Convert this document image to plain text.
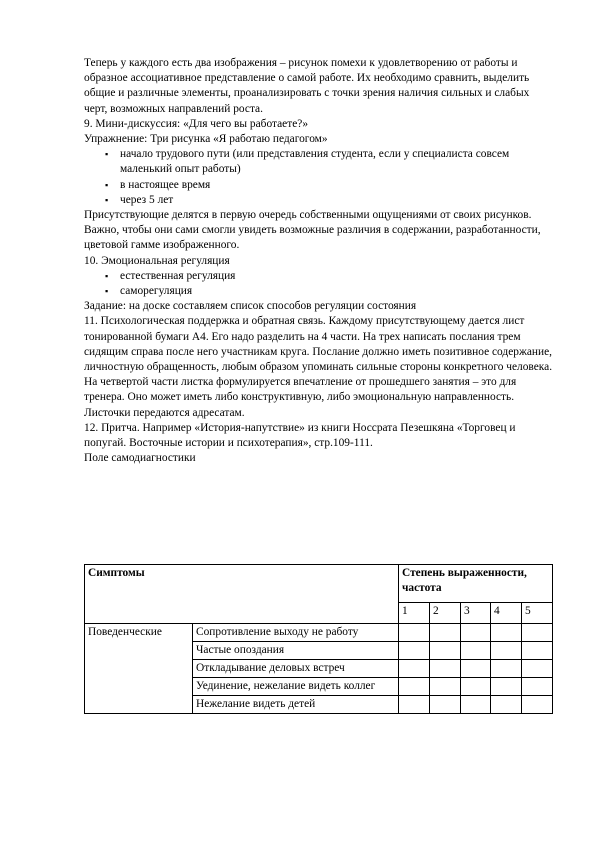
Теперь у каждого есть два изображения – рисунок помехи к удовлетворению от работы и образное ассоциативное представление о самой работе. Их необходимо сравнить, выделить общие и различные элементы, проанализировать с точки зрения наличия сильных и слабых черт, возможных направлений роста.

9. Мини-дискуссия: «Для чего вы работаете?»

Упражнение: Три рисунка «Я работаю педагогом»

▪ начало трудового пути (или представления студента, если у специалиста совсем маленький опыт работы)
▪ в настоящее время
▪ через 5 лет

Присутствующие делятся в первую очередь собственными ощущениями от своих рисунков. Важно, чтобы они сами смогли увидеть возможные различия в содержании, разработанности, цветовой гамме изображенного.

10. Эмоциональная регуляция

▪ естественная регуляция
▪ саморегуляция

Задание: на доске составляем список способов регуляции состояния

11. Психологическая поддержка и обратная связь. Каждому присутствующему дается лист тонированной бумаги А4. Его надо разделить на 4 части. На трех написать послания трем сидящим справа после него участникам круга. Послание должно иметь позитивное содержание, личностную обращенность, любым образом упоминать сильные стороны конкретного человека. На четвертой части листка формулируется впечатление от прошедшего занятия – это для тренера. Оно может иметь либо конструктивную, либо эмоциональную направленность. Листочки передаются адресатам.

12. Притча. Например «История-напутствие» из книги Носсрата Пезешкяна «Торговец и попугай. Восточные истории и психотерапия», стр.109-111.

Поле самодиагностики

Симптомы		Степень выраженности, частота				
		1	2	3	4	5
Поведенческие	Сопротивление выходу не работу					
	Частые опоздания					
	Откладывание деловых встреч					
	Уединение, нежелание видеть коллег					
	Нежелание видеть детей					
